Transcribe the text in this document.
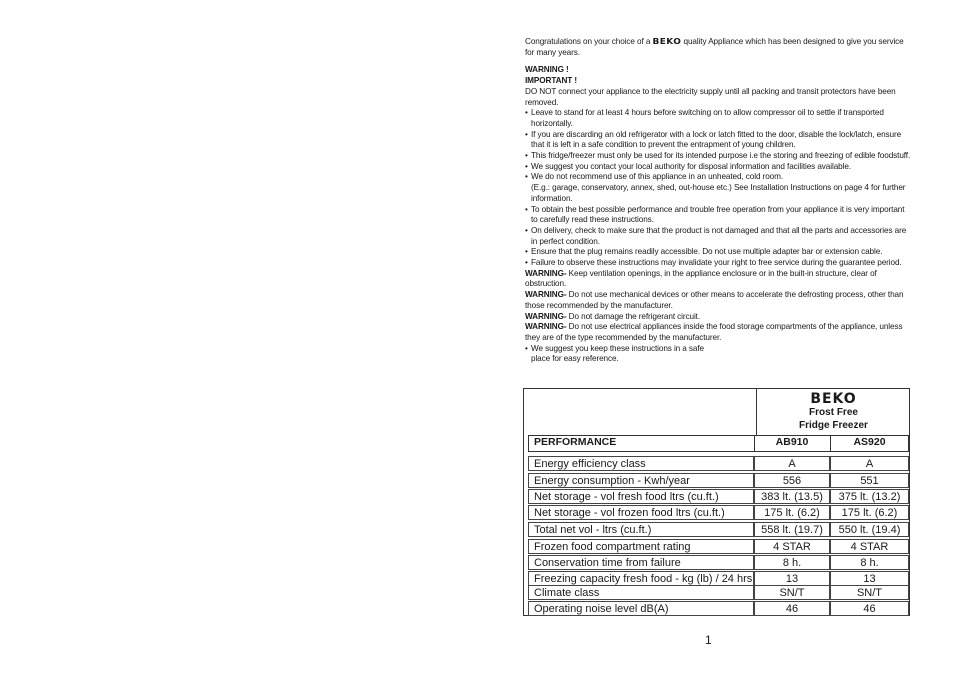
Congratulations on your choice of a BEKO quality Appliance which has been designed to give you service for many years.

WARNING !

IMPORTANT !

DO NOT connect your appliance to the electricity supply until all packing and transit protectors have been removed.

• Leave to stand for at least 4 hours before switching on to allow compressor oil to settle if transported horizontally.

• If you are discarding an old refrigerator with a lock or latch fitted to the door, disable the lock/latch, ensure that it is left in a safe condition to prevent the entrapment of young children.

• This fridge/freezer must only be used for its intended purpose i.e the storing and freezing of edible foodstuff.

• We suggest you contact your local authority for disposal information and facilities available.

• We do not recommend use of this appliance in an unheated, cold room.

(E.g.: garage, conservatory, annex, shed, out-house etc.) See Installation Instructions on page 4 for further information.

• To obtain the best possible performance and trouble free operation from your appliance it is very important to carefully read these instructions.

• On delivery, check to make sure that the product is not damaged and that all the parts and accessories are in perfect condition.

• Ensure that the plug remains readily accessible. Do not use multiple adapter bar or extension cable.

• Failure to observe these instructions may invalidate your right to free service during the guarantee period.

WARNING- Keep ventilation openings, in the appliance enclosure or in the built-in structure, clear of obstruction.

WARNING- Do not use mechanical devices or other means to accelerate the defrosting process, other than those recommended by the manufacturer.

WARNING- Do not damage the refrigerant circuit.

WARNING- Do not use electrical appliances inside the food storage compartments of the appliance, unless they are of the type recommended by the manufacturer.

• We suggest you keep these instructions in a safe

place for easy reference.

BEKO
Frost Free
Fridge Freezer
PERFORMANCE	AB910	AS920
Energy efficiency class	A	A
Energy consumption - Kwh/year	556	551
Net storage - vol fresh food ltrs (cu.ft.)	383 lt. (13.5)	375 lt. (13.2)
Net storage - vol frozen food ltrs (cu.ft.)	175 lt. (6.2)	175 lt. (6.2)
Total net vol - ltrs (cu.ft.)	558 lt. (19.7)	550 lt. (19.4)
Frozen food compartment rating	4 STAR	4 STAR
Conservation time from failure	8 h.	8 h.
Freezing capacity fresh food - kg (lb) / 24 hrs	13	13
Climate class	SN/T	SN/T
Operating noise level dB(A)	46	46
1
